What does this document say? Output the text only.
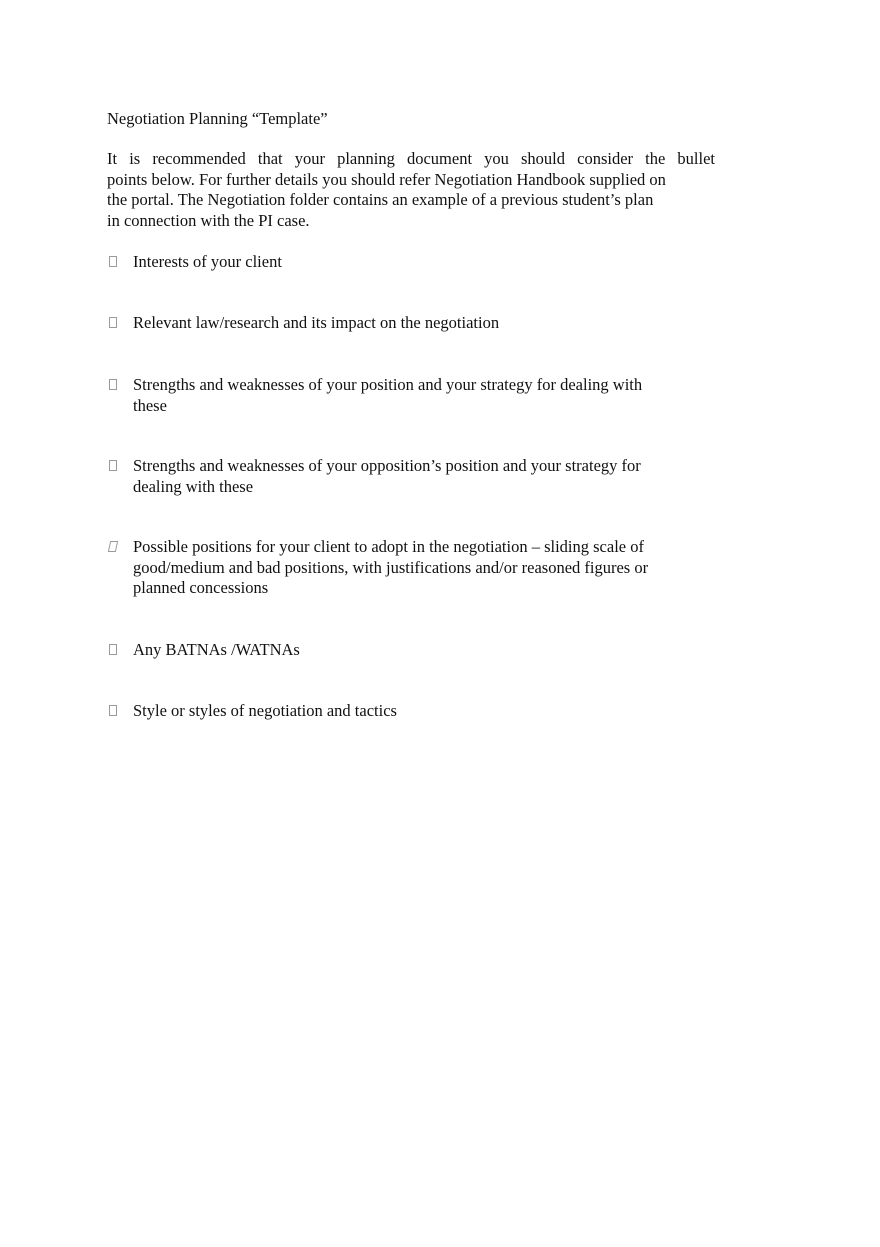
Negotiation Planning “Template”
It is recommended that your planning document you should consider the bullet
points below. For further details you should refer Negotiation Handbook supplied on
the portal. The Negotiation folder contains an example of a previous student’s plan
in connection with the PI case.
Interests of your client
Relevant law/research and its impact on the negotiation
Strengths and weaknesses of your position and your strategy for dealing with
these
Strengths and weaknesses of your opposition’s position and your strategy for
dealing with these
Possible positions for your client to adopt in the negotiation – sliding scale of
good/medium and bad positions, with justifications and/or reasoned figures or
planned concessions
Any BATNAs /WATNAs
Style or styles of negotiation and tactics
